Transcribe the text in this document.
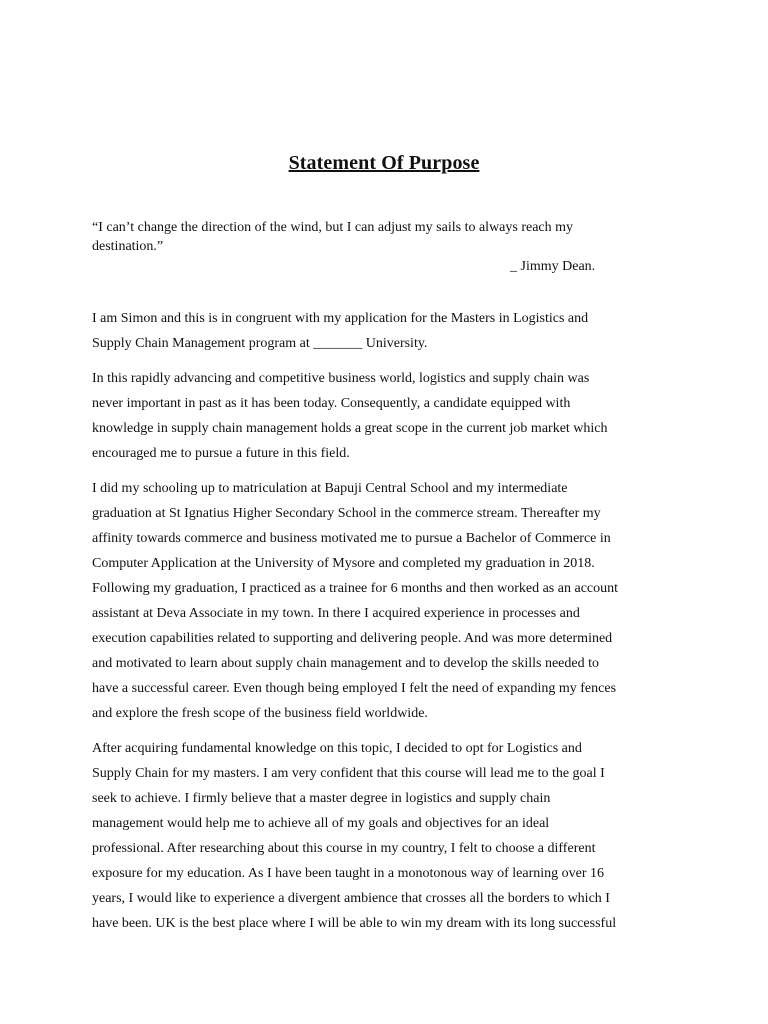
Statement Of Purpose
“I can’t change the direction of the wind, but I can adjust my sails to always reach my
destination.”
_ Jimmy Dean.

I am Simon and this is in congruent with my application for the Masters in Logistics and
Supply Chain Management program at _______ University.

In this rapidly advancing and competitive business world, logistics and supply chain was
never important in past as it has been today. Consequently, a candidate equipped with
knowledge in supply chain management holds a great scope in the current job market which
encouraged me to pursue a future in this field.

I did my schooling up to matriculation at Bapuji Central School and my intermediate
graduation at St Ignatius Higher Secondary School in the commerce stream. Thereafter my
affinity towards commerce and business motivated me to pursue a Bachelor of Commerce in
Computer Application at the University of Mysore and completed my graduation in 2018.
Following my graduation, I practiced as a trainee for 6 months and then worked as an account
assistant at Deva Associate in my town. In there I acquired experience in processes and
execution capabilities related to supporting and delivering people. And was more determined
and motivated to learn about supply chain management and to develop the skills needed to
have a successful career. Even though being employed I felt the need of expanding my fences
and explore the fresh scope of the business field worldwide.

After acquiring fundamental knowledge on this topic, I decided to opt for Logistics and
Supply Chain for my masters. I am very confident that this course will lead me to the goal I
seek to achieve. I firmly believe that a master degree in logistics and supply chain
management would help me to achieve all of my goals and objectives for an ideal
professional. After researching about this course in my country, I felt to choose a different
exposure for my education. As I have been taught in a monotonous way of learning over 16
years, I would like to experience a divergent ambience that crosses all the borders to which I
have been. UK is the best place where I will be able to win my dream with its long successful
